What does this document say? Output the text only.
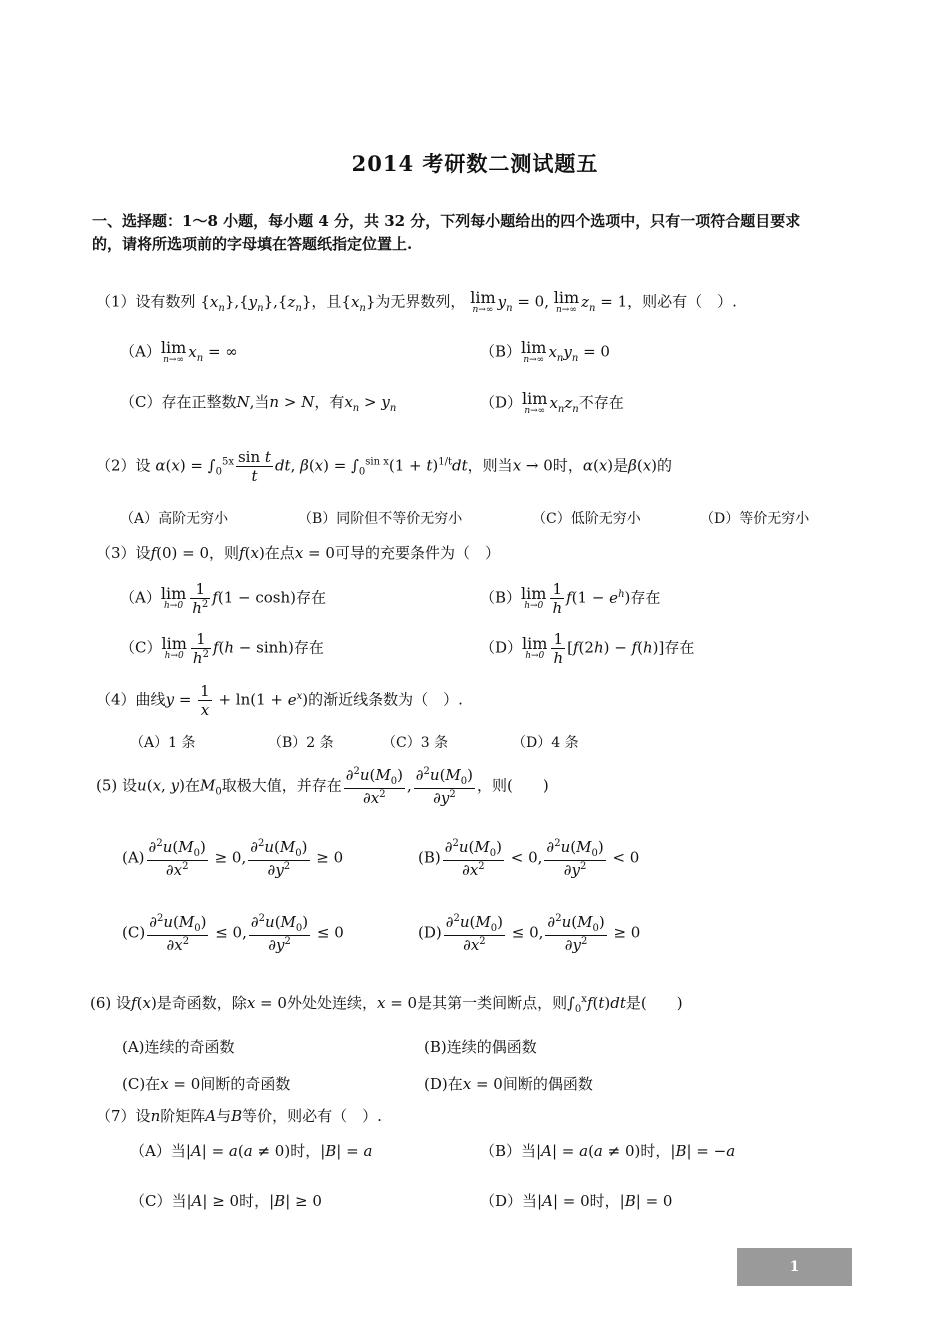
2014 考研数二测试题五
一、选择题：1～8 小题，每小题 4 分，共 32 分，下列每小题给出的四个选项中，只有一项符合题目要求
的，请将所选项前的字母填在答题纸指定位置上.
（1）设有数列 $\{x_n\},\{y_n\},\{z_n\}$，且$\{x_n\}$为无界数列， lim
n→∞ $y_n = 0$, lim
n→∞ $z_n = 1$，则必有（　）.
（A） lim
n→∞ $x_n$ = ∞	（B） lim
n→∞ $x_ny_n = 0$
（C）存在正整数N,当n > N，有$x_n > y_n$	（D） lim
n→∞ $x_nz_n$不存在
（2）设 $\alpha(x) = \int_0^{5x} \frac{\text{sin t}}{t}$ dt, $\beta(x) = \int_0^{sin x}(1 + t)^{1/t}dt$，则当x → 0时，α(x)是β(x)的
（A）高阶无穷小	（B）同阶但不等价无穷小	（C）低阶无穷小	（D）等价无穷小
（3）设f(0) = 0，则f(x)在点x = 0可导的充要条件为（　）
（A） lim
$h\to 0 \frac{1}{h^2} f(1 - \cosh)$存在	（B） lim
$h\to 0 \frac{1}{h} f(1 - e^h)$存在
（C） lim
$h\to 0 \frac{1}{h^2} f(h - \sinh)$存在	（D） lim
$h\to 0 \frac{1}{h} [f(2h) - f(h)]$存在
（4）曲线$y = \frac{1}{x} + \ln(1 + e^x)$的渐近线条数为（　）.
（A）1 条	（B）2 条	（C）3 条	（D）4 条
(5) 设u(x, y)在$M_0$取极大值，并存在 $\frac{\partial^2u(M_0)}{\partial x^2}$ , $\frac{\partial^2u(M_0)}{\partial y^2}$ ，则(　　)
$(A) \frac{\partial^2u(M_0)}{\partial x^2} \ge 0$, $\frac{\partial^2u(M_0)}{\partial y^2} \ge 0$	$(B) \frac{\partial^2u(M_0)}{\partial x^2} < 0$, $\frac{\partial^2u(M_0)}{\partial y^2} < 0$
$(C) \frac{\partial^2u(M_0)}{\partial x^2} \le 0$, $\frac{\partial^2u(M_0)}{\partial y^2} \le 0$	$(D) \frac{\partial^2u(M_0)}{\partial x^2} \le 0$, $\frac{\partial^2u(M_0)}{\partial y^2} \ge 0$
(6) 设f(x)是奇函数，除x = 0外处处连续，x = 0是其第一类间断点，则$\int_0^xf(t)dt$是(　　)
(A)连续的奇函数	(B)连续的偶函数
(C)在x = 0间断的奇函数	(D)在x = 0间断的偶函数
（7）设n阶矩阵A与B等价，则必有（　）.
（A）当|A| = a(a ≠ 0)时，|B| = a	（B）当|A| = a(a ≠ 0)时，|B| = −a
（C）当|A| ≥ 0时，|B| ≥ 0	（D）当|A| = 0时，|B| = 0
1
